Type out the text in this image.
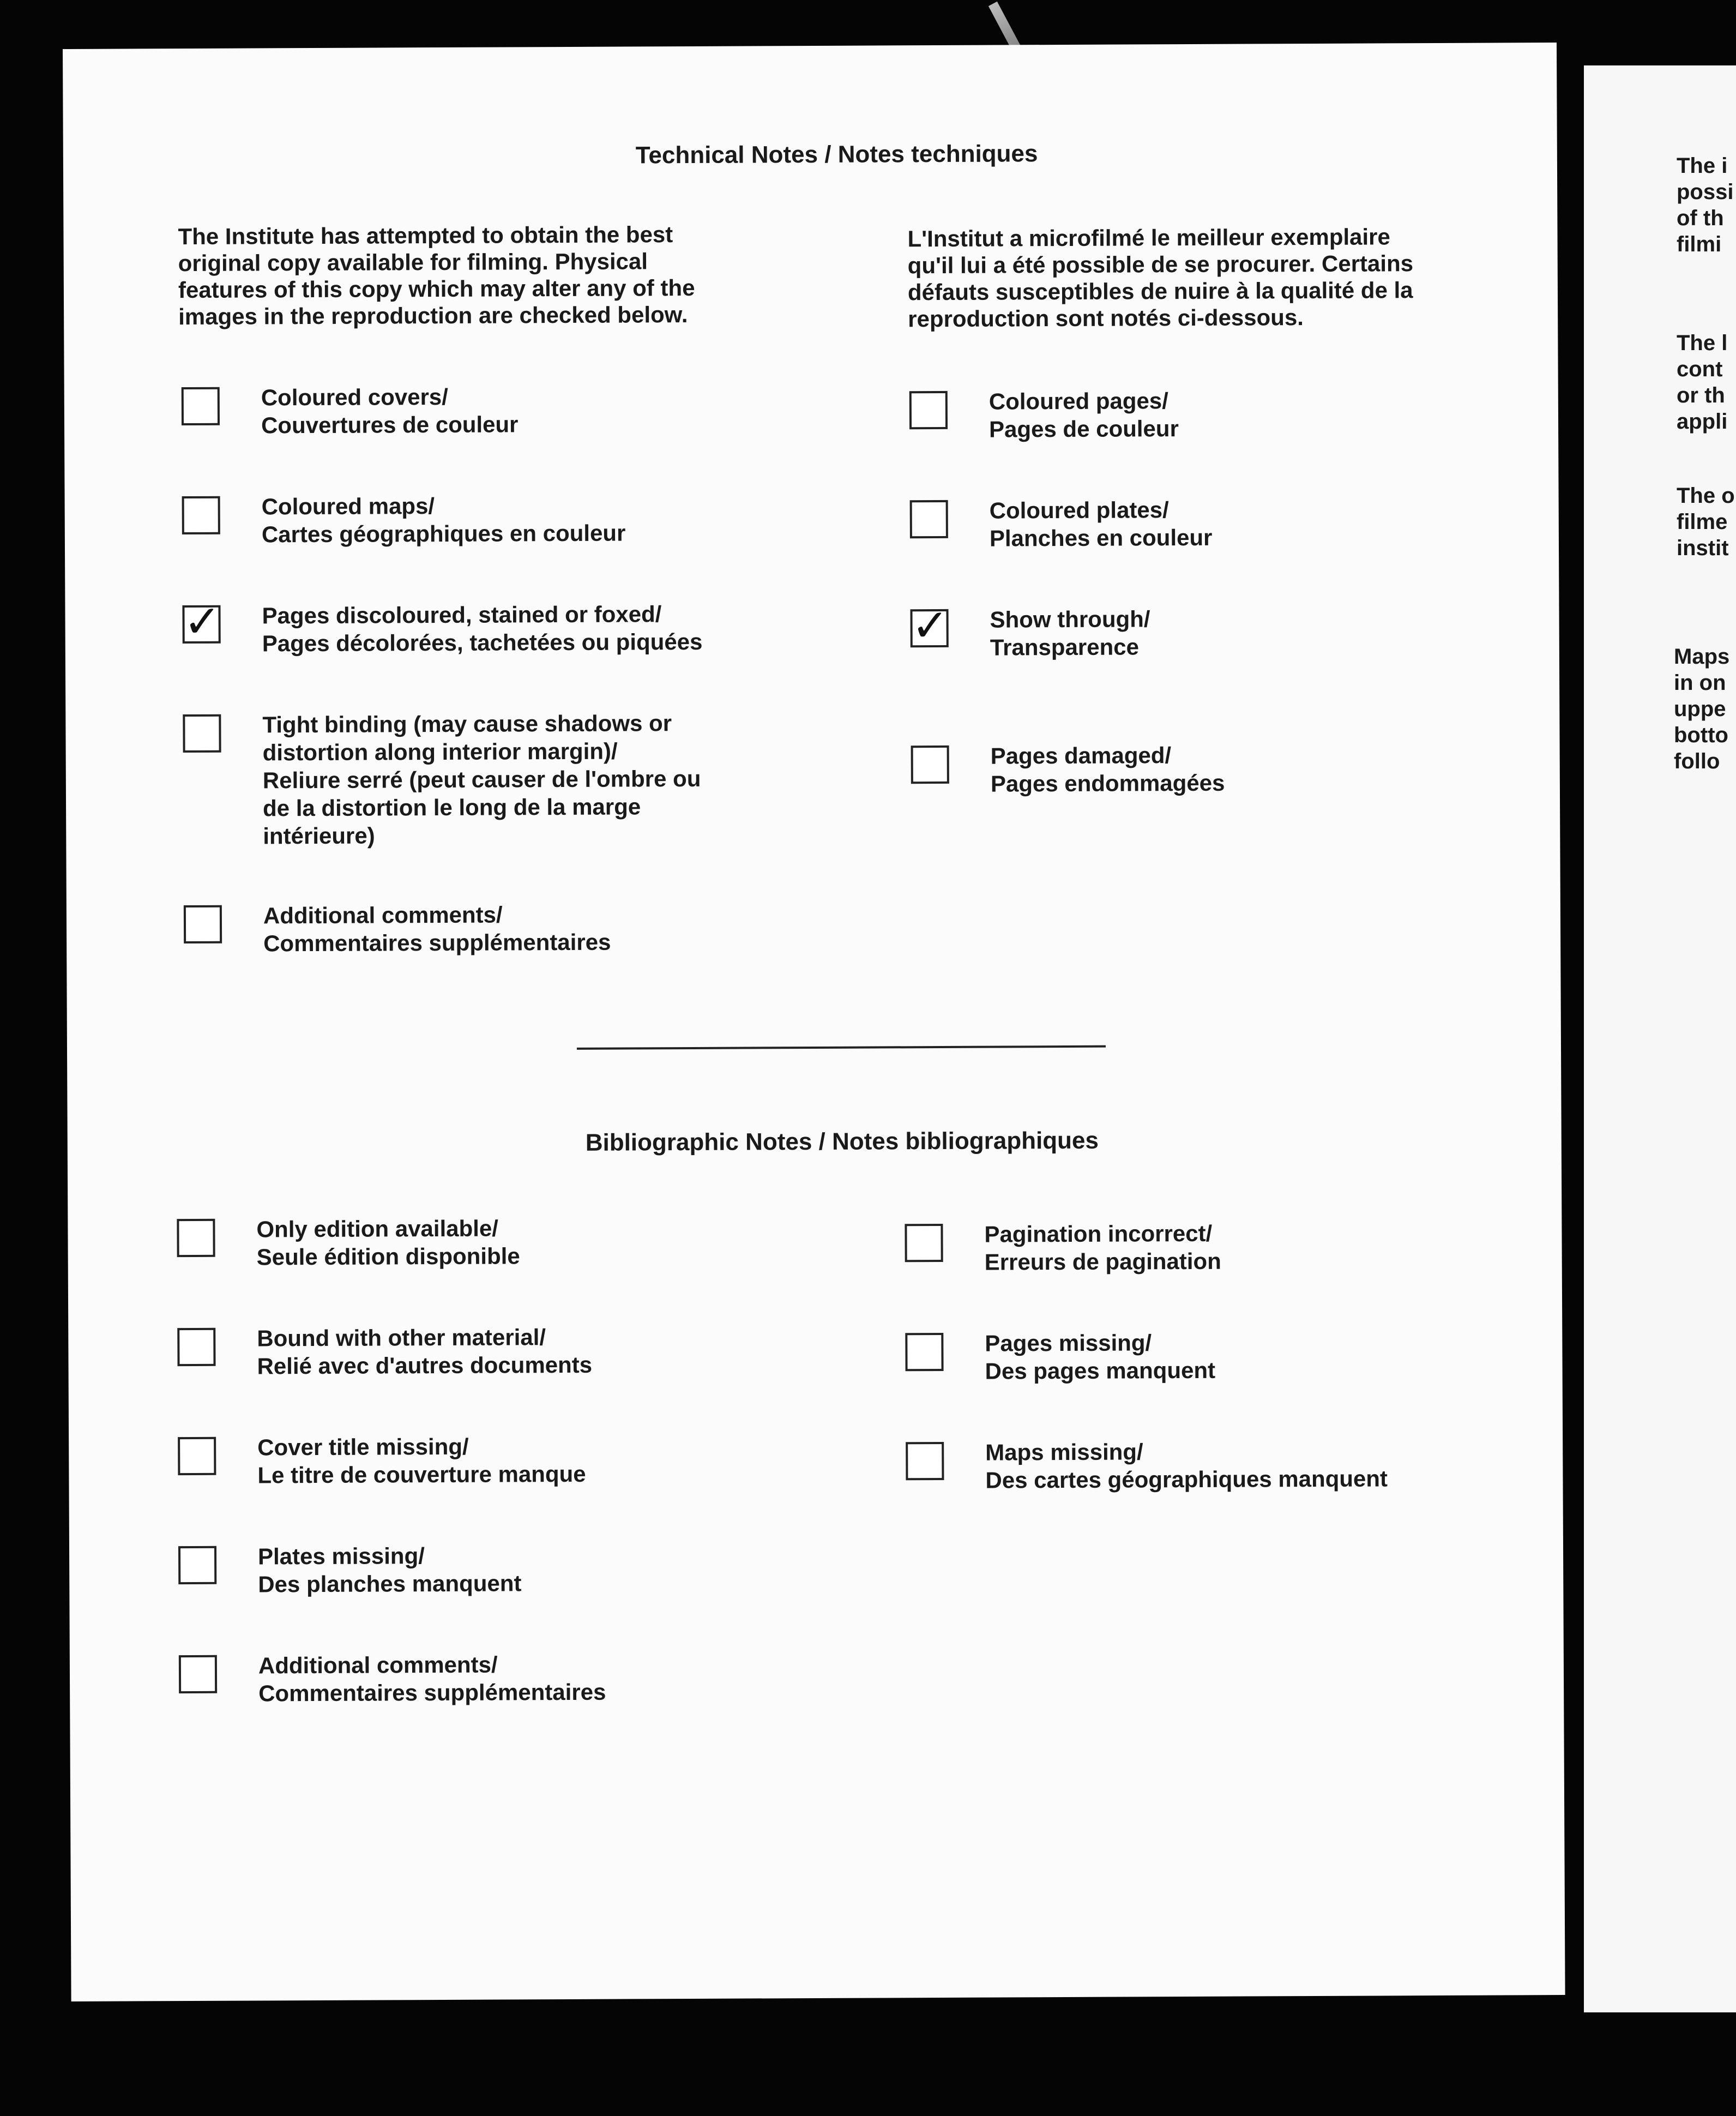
The i
possi
of th
filmi
The l
cont
or th
appli
The o
filme
instit
Maps
in on
uppe
botto
follo
Technical Notes / Notes techniques
The Institute has attempted to obtain the best
original copy available for filming. Physical
features of this copy which may alter any of the
images in the reproduction are checked below.
L'Institut a microfilmé le meilleur exemplaire
qu'il lui a été possible de se procurer. Certains
défauts susceptibles de nuire à la qualité de la
reproduction sont notés ci-dessous.
Coloured covers/
Couvertures de couleur
Coloured maps/
Cartes géographiques en couleur
✓ Pages discoloured, stained or foxed/
Pages décolorées, tachetées ou piquées
Tight binding (may cause shadows or
distortion along interior margin)/
Reliure serré (peut causer de l'ombre ou
de la distortion le long de la marge
intérieure)
Additional comments/
Commentaires supplémentaires
Coloured pages/
Pages de couleur
Coloured plates/
Planches en couleur
✓ Show through/
Transparence
Pages damaged/
Pages endommagées
Bibliographic Notes / Notes bibliographiques
Only edition available/
Seule édition disponible
Bound with other material/
Relié avec d'autres documents
Cover title missing/
Le titre de couverture manque
Plates missing/
Des planches manquent
Additional comments/
Commentaires supplémentaires
Pagination incorrect/
Erreurs de pagination
Pages missing/
Des pages manquent
Maps missing/
Des cartes géographiques manquent
